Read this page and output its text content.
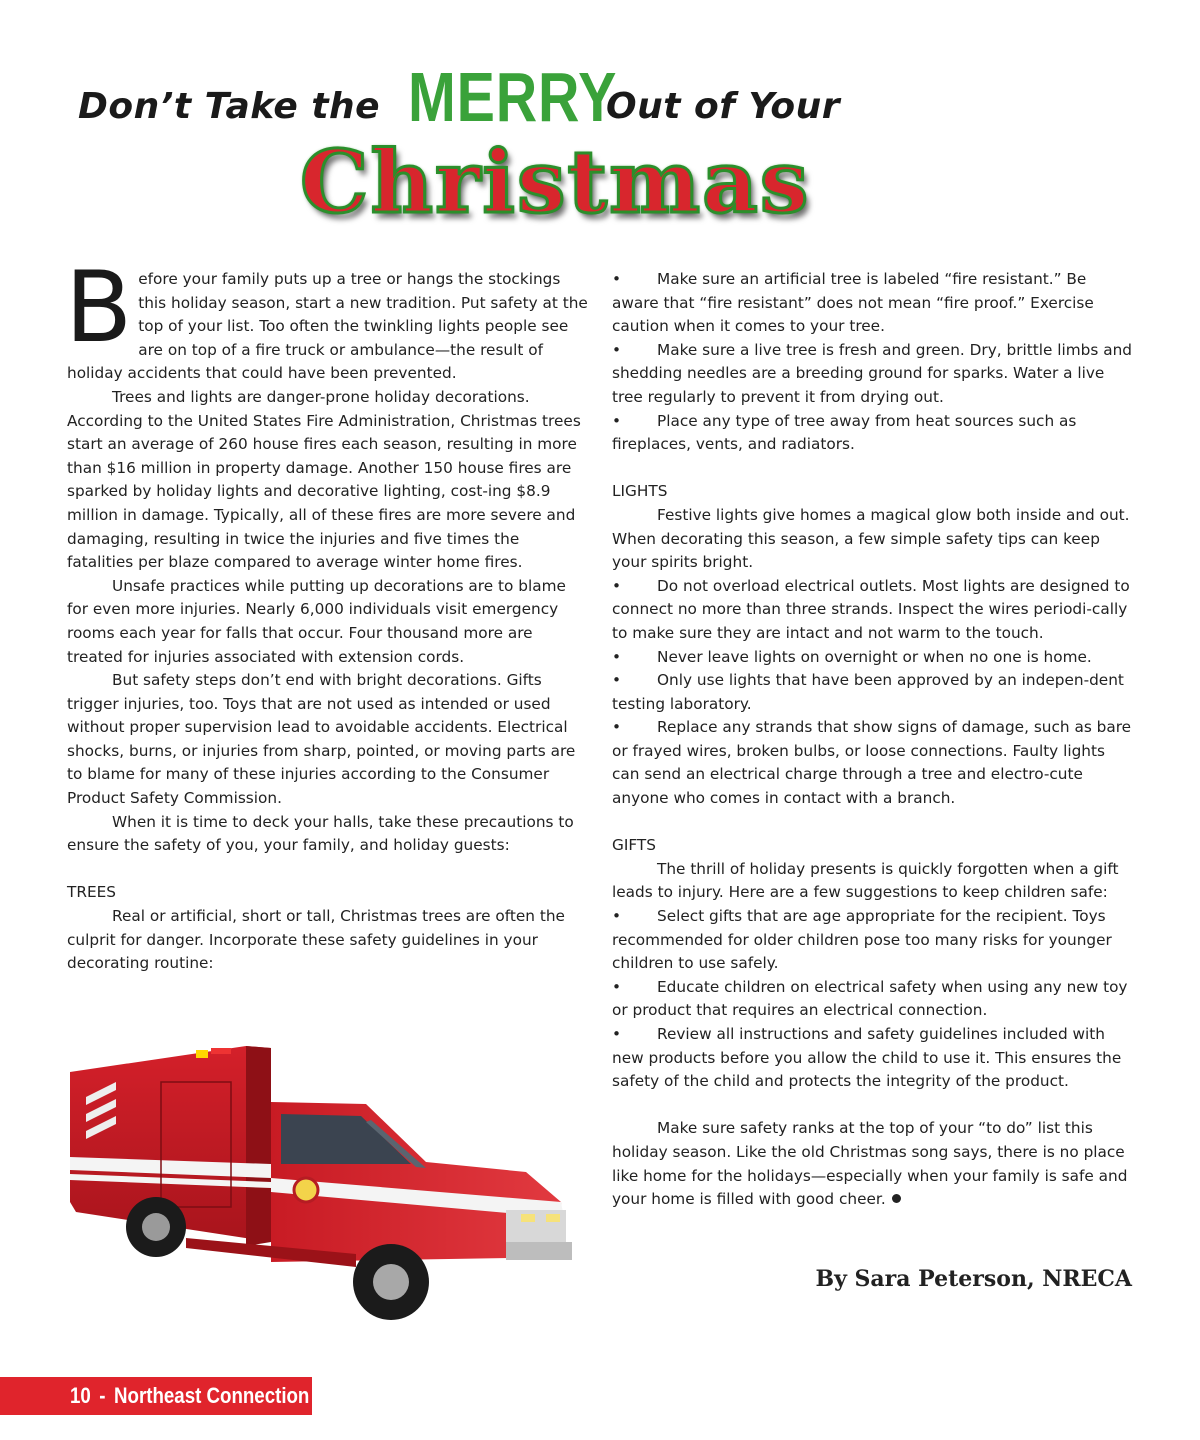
Don’t Take the MERRY
Out of Your
Christmas

Before your family puts up a tree or hangs the stockings this holiday season, start a new tradition. Put safety at the top of your list. Too often the twinkling lights people see are on top of a fire truck or ambulance—the result of holiday accidents that could have been prevented.

Trees and lights are danger-prone holiday decorations. According to the United States Fire Administration, Christmas trees start an average of 260 house fires each season, resulting in more than $16 million in property damage. Another 150 house fires are sparked by holiday lights and decorative lighting, cost-ing $8.9 million in damage. Typically, all of these fires are more severe and damaging, resulting in twice the injuries and five times the fatalities per blaze compared to average winter home fires.

Unsafe practices while putting up decorations are to blame for even more injuries. Nearly 6,000 individuals visit emergency rooms each year for falls that occur. Four thousand more are treated for injuries associated with extension cords.

But safety steps don’t end with bright decorations. Gifts trigger injuries, too. Toys that are not used as intended or used without proper supervision lead to avoidable accidents. Electrical shocks, burns, or injuries from sharp, pointed, or moving parts are to blame for many of these injuries according to the Consumer Product Safety Commission.

When it is time to deck your halls, take these precautions to ensure the safety of you, your family, and holiday guests:

TREES

Real or artificial, short or tall, Christmas trees are often the culprit for danger. Incorporate these safety guidelines in your decorating routine:

• Make sure an artificial tree is labeled “fire resistant.” Be aware that “fire resistant” does not mean “fire proof.” Exercise caution when it comes to your tree.

• Make sure a live tree is fresh and green. Dry, brittle limbs and shedding needles are a breeding ground for sparks. Water a live tree regularly to prevent it from drying out.

• Place any type of tree away from heat sources such as fireplaces, vents, and radiators.

LIGHTS

Festive lights give homes a magical glow both inside and out. When decorating this season, a few simple safety tips can keep your spirits bright.

• Do not overload electrical outlets. Most lights are designed to connect no more than three strands. Inspect the wires periodi-cally to make sure they are intact and not warm to the touch.

• Never leave lights on overnight or when no one is home.

• Only use lights that have been approved by an indepen-dent testing laboratory.

• Replace any strands that show signs of damage, such as bare or frayed wires, broken bulbs, or loose connections. Faulty lights can send an electrical charge through a tree and electro-cute anyone who comes in contact with a branch.

GIFTS

The thrill of holiday presents is quickly forgotten when a gift leads to injury. Here are a few suggestions to keep children safe:

• Select gifts that are age appropriate for the recipient. Toys recommended for older children pose too many risks for younger children to use safely.

• Educate children on electrical safety when using any new toy or product that requires an electrical connection.

• Review all instructions and safety guidelines included with new products before you allow the child to use it. This ensures the safety of the child and protects the integrity of the product.

Make sure safety ranks at the top of your “to do” list this holiday season. Like the old Christmas song says, there is no place like home for the holidays—especially when your family is safe and your home is filled with good cheer.

By Sara Peterson, NRECA
10 - Northeast Connection
